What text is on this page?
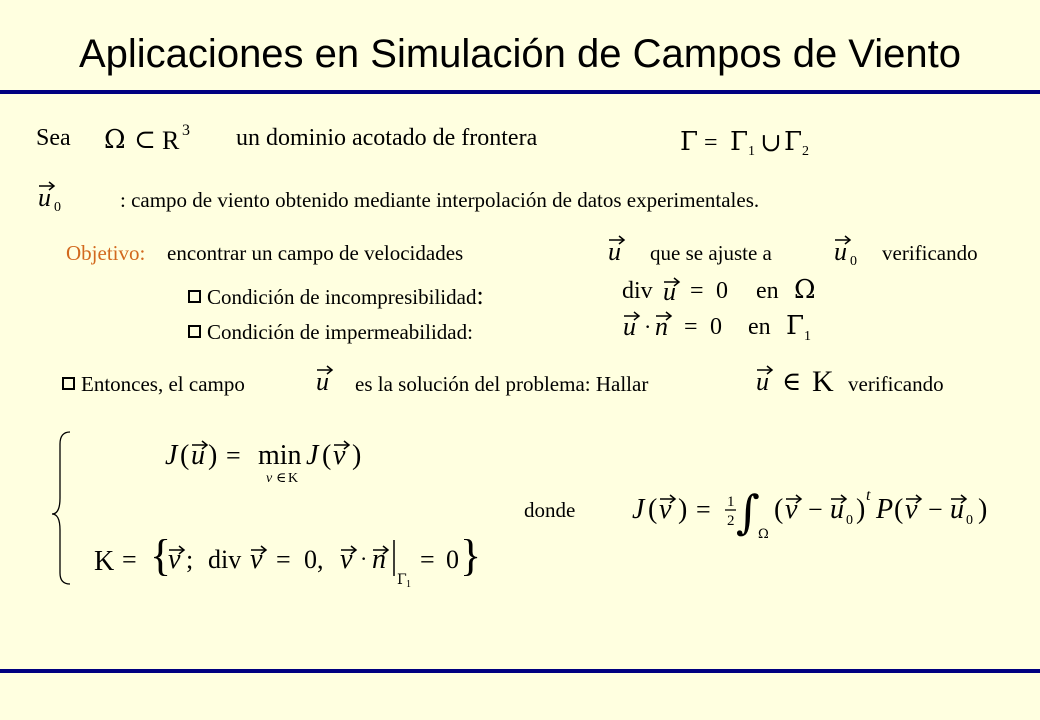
Aplicaciones en Simulación de Campos de Viento
Sea Ω ⊂ R 3 un dominio acotado de frontera	Γ = Γ 1 ∪ Γ 2
u 0	: campo de viento obtenido mediante interpolación de datos experimentales.
Objetivo: encontrar un campo de velocidades	u que se ajuste a u 0 verificando
Condición de incompresibilidad:	div u = 0 en Ω
Condición de impermeabilidad:	u · n = 0 en Γ 1
Entonces, el campo	u es la solución del problema: Hallar	u ∈ K verificando
J ( u ) = min
v ∈ K
J ( v )
K = {
v ; div v = 0, v · n
Γ 1
= 0 }
donde J ( v ) = 1
2 ∫
Ω
( v − u 0 ) t P ( v − u 0 )
